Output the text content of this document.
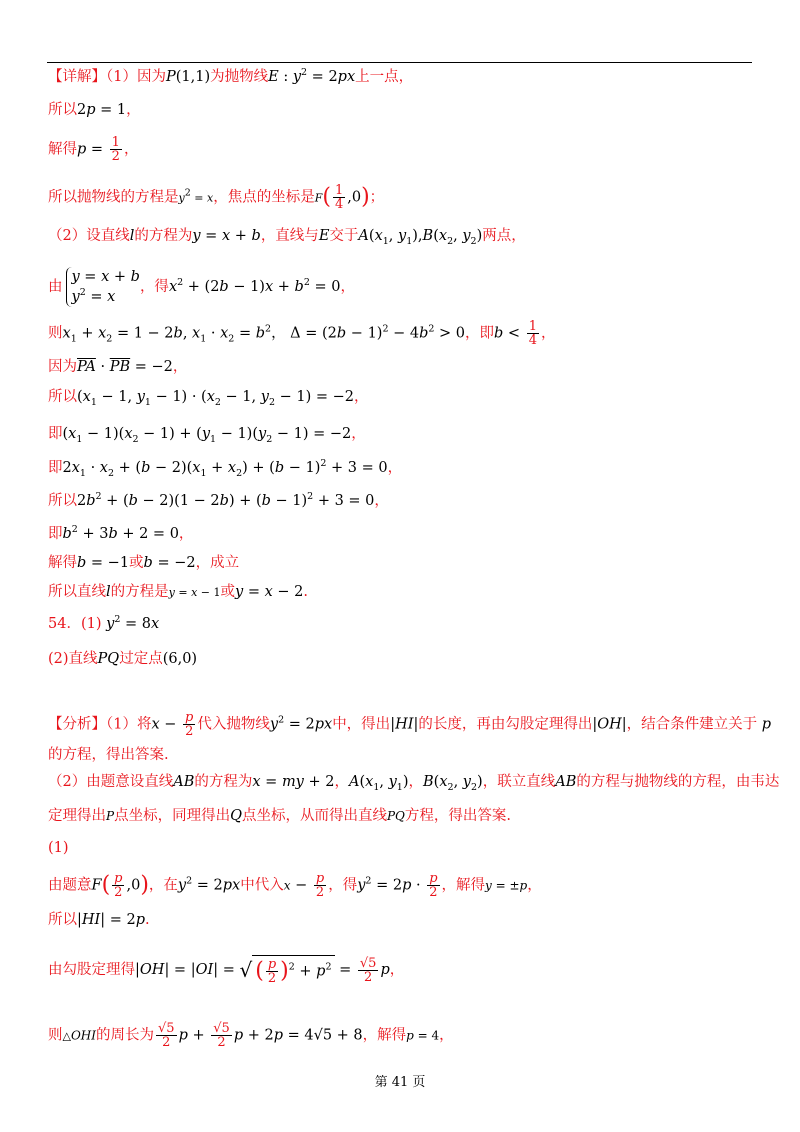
【详解】（1）因为P(1,1)为抛物线E : $y^2 = 2px$上一点，
所以2p = 1，
解得$p = \frac{1}{2}$ ，
所以抛物线的方程是$y^2 = x$，焦点的坐标是$F( \frac{1}{4} ,0)$；
（2）设直线l的方程为y = x + b，直线与E交于$A(x_1$, $y_1),B(x_2$, $y_2$)两点，
由
y = x + b
$y^2 = x$
，得$x^2 + (2b - 1)x + b^2 = 0$，
则$x_1 + x_2 = 1 - 2b$, $x_1 \cdot x_2 = b^2$， $\Delta = (2b - 1)^2 - 4b^2 > 0$，即$b < \frac{1}{4}$ ，
因为$\overline{PA} \cdot \overline{PB} = -2$，
所以($x_1 - 1$, $y_1 - 1) \cdot (x_2 - 1$, $y_2 - 1) = -2$，
即$(x_1 - 1)(x_2 - 1) + (y_1 - 1)(y_2 - 1) = -2$，
即$2x_1 \cdot x_2 + (b - 2)(x_1 + x_2) + (b - 1)^2 + 3 = 0$，
所以$2b^2 + (b - 2)(1 - 2b) + (b - 1)^2 + 3 = 0$，
即$b^2 + 3b + 2 = 0$，
解得b = −1或b = −2，成立
所以直线l的方程是y = x − 1或y = x − 2.
54．(1) $y^2 = 8x$
(2)直线PQ过定点(6,0)
【分析】（1）将$x - \frac{p}{2}$ 代入抛物线$y^2 = 2px$中，得出|HI|的长度，再由勾股定理得出|OH|，结合条件建立关于 p
的方程，得出答案.
（2）由题意设直线AB的方程为x = my + 2，$A(x_1$, $y_1$)，$B(x_2$, $y_2$)，联立直线AB的方程与抛物线的方程，由韦达
定理得出P点坐标，同理得出Q点坐标，从而得出直线PQ方程，得出答案.
(1)
由题意$F( \frac{p}{2} ,0)$，在$y^2 = 2px$中代入$x - \frac{p}{2}$ ，得$y^2 = 2p \cdot \frac{p}{2}$ ，解得y = ±p，
所以|HI| = 2p.
由勾股定理得|OH| = |OI| = √ ( $\frac{p}{2} )^2 + p^2 = \frac{√5}{2}$ p，
则△OHI的周长为 $\frac{√5}{2}$ $p + \frac{√5}{2}$ p + 2p = 4√5 + 8，解得p = 4，
第 41 页
